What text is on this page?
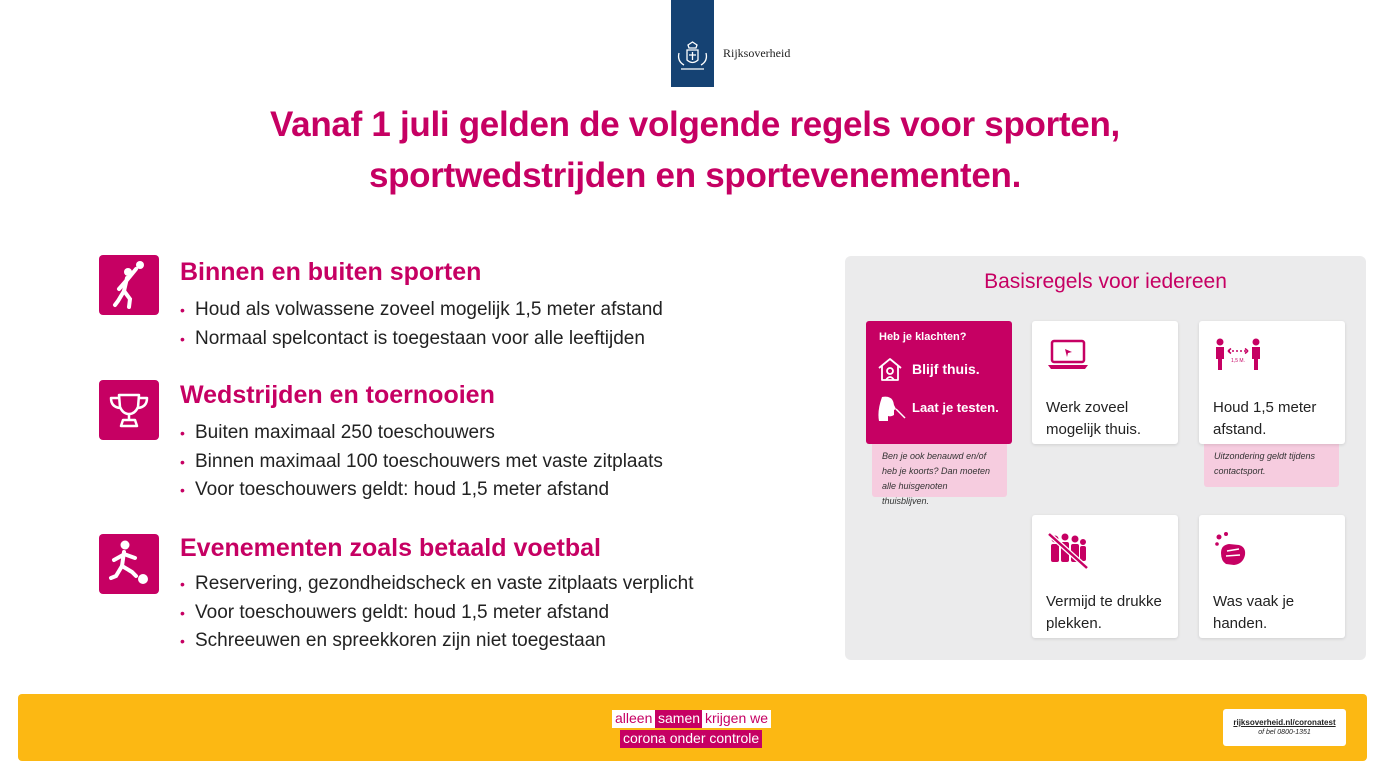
Rijksoverheid
Vanaf 1 juli gelden de volgende regels voor sporten,
sportwedstrijden en sportevenementen.
Binnen en buiten sporten
• Houd als volwassene zoveel mogelijk 1,5 meter afstand
• Normaal spelcontact is toegestaan voor alle leeftijden
Wedstrijden en toernooien
• Buiten maximaal 250 toeschouwers
• Binnen maximaal 100 toeschouwers met vaste zitplaats
• Voor toeschouwers geldt: houd 1,5 meter afstand
Evenementen zoals betaald voetbal
• Reservering, gezondheidscheck en vaste zitplaats verplicht
• Voor toeschouwers geldt: houd 1,5 meter afstand
• Schreeuwen en spreekkoren zijn niet toegestaan
Basisregels voor iedereen
Ben je ook benauwd en/of heb je koorts? Dan moeten alle huisgenoten thuisblijven.
Heb je klachten?
Blijf thuis.
Laat je testen.	Werk zoveel mogelijk thuis.
Uitzondering geldt tijdens contactsport.
1,5 M.
Houd 1,5 meter afstand.
Vermijd te drukke plekken.
Was vaak je handen.
alleen samen krijgen we
corona onder controle
rijksoverheid.nl/coronatest
of bel 0800-1351
